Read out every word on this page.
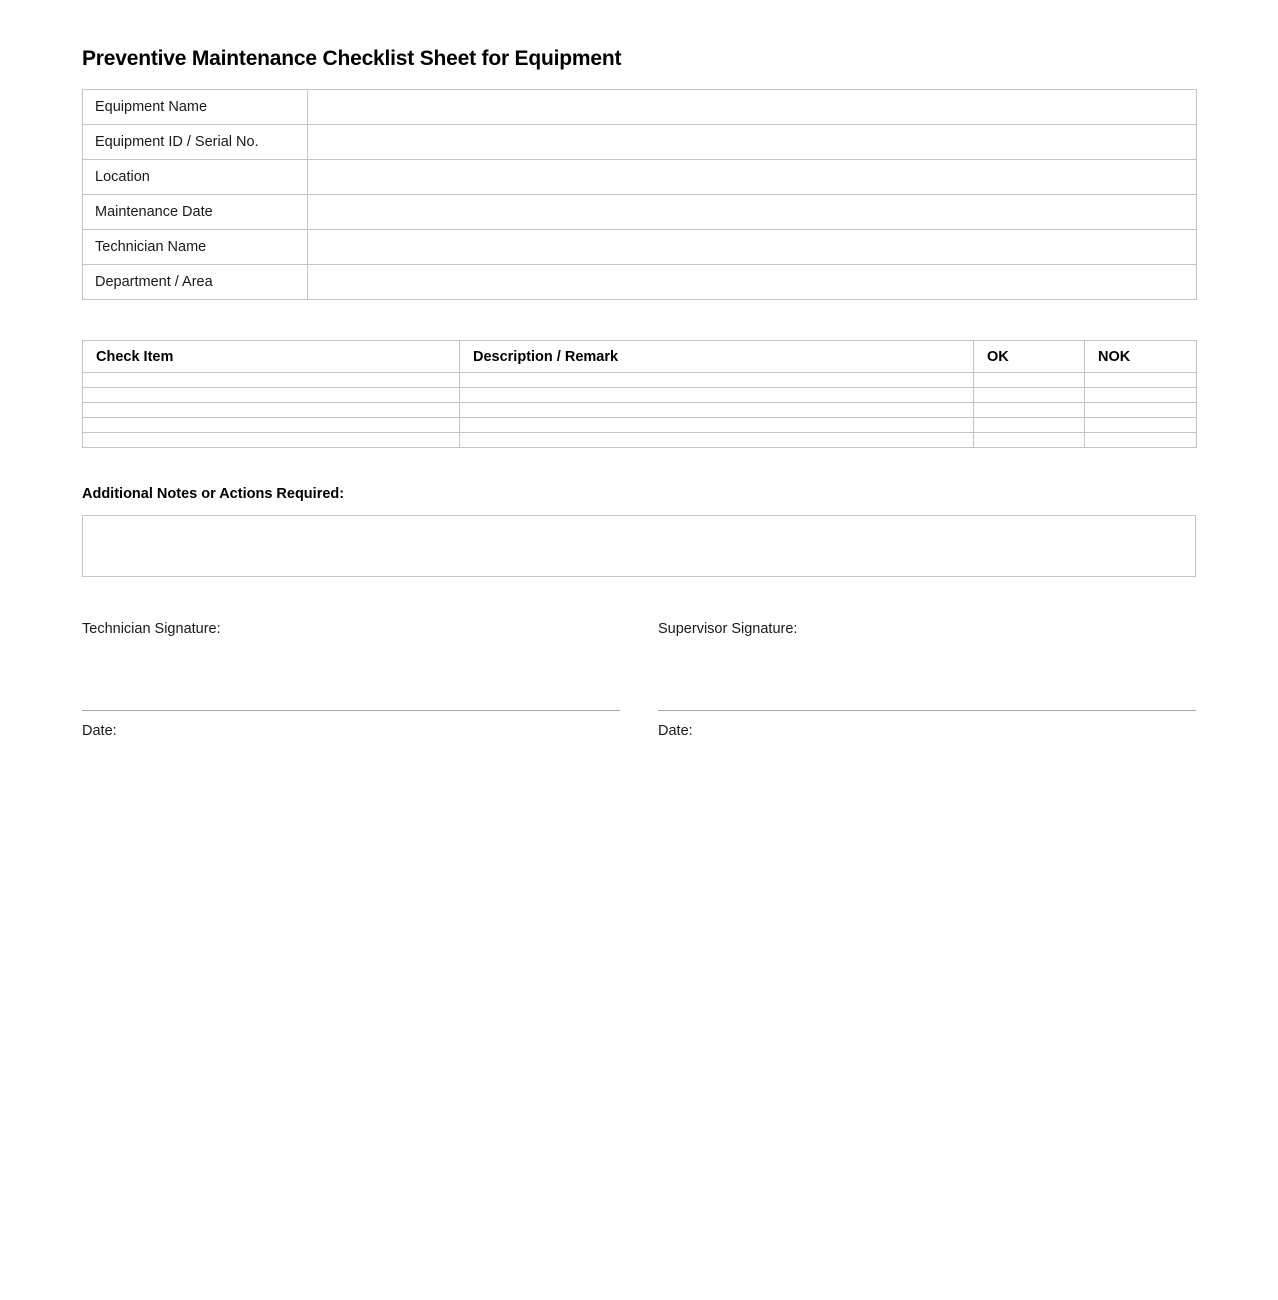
Preventive Maintenance Checklist Sheet for Equipment
Equipment Name	
Equipment ID / Serial No.	
Location	
Maintenance Date	
Technician Name	
Department / Area	
Check Item	Description / Remark	OK	NOK

Additional Notes or Actions Required:
Technician Signature:
Date:
Supervisor Signature:
Date:
